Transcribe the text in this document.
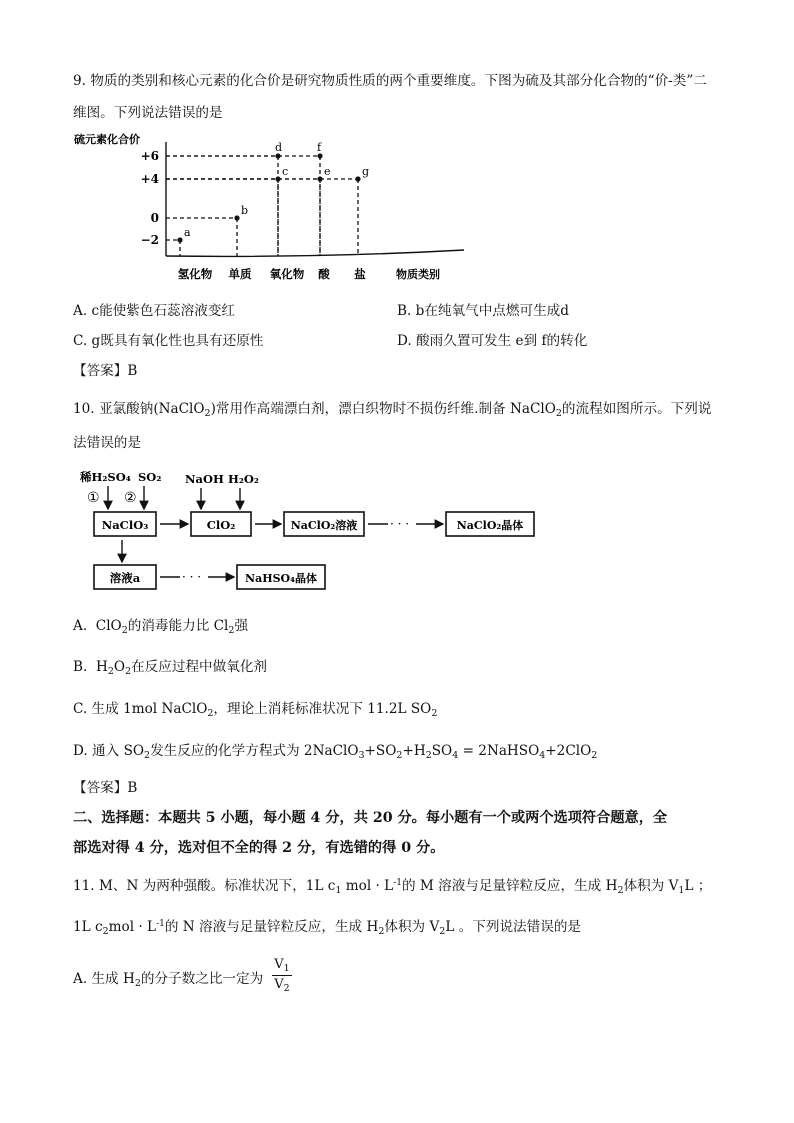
9. 物质的类别和核心元素的化合价是研究物质性质的两个重要维度。下图为硫及其部分化合物的“价-类”二
维图。下列说法错误的是
硫元素化合价
物质类别
+6
+4
0
−2
氢化物 单质 氧化物 酸 盐
a
b
c
d
e
f
g
A. c能使紫色石蕊溶液变红	B. b在纯氧气中点燃可生成d
C. g既具有氧化性也具有还原性	D. 酸雨久置可发生 e到 f的转化
【答案】B
10. 亚氯酸钠(NaClO$_2$)常用作高端漂白剂，漂白织物时不损伤纤维.制备 NaClO$_2$的流程如图所示。下列说
法错误的是
稀H₂SO₄ SO₂
① ②
NaClO₃
NaOH H₂O₂
ClO₂	NaClO₂溶液	· · ·	NaClO₂晶体
溶液a	· · ·	NaHSO₄晶体
A. ClO$_2$的消毒能力比 $Cl_2$强
B. $H_2O_2$在反应过程中做氧化剂
C. 生成 1mol NaClO$_2$，理论上消耗标准状况下 11.2L $SO_2$
D. 通入 $SO_2$发生反应的化学方程式为 $2NaClO_3+SO_2+H_2SO_4$ = 2NaHSO$_4$+2ClO$_2$
【答案】B
二、选择题：本题共 5 小题，每小题 4 分，共 20 分。每小题有一个或两个选项符合题意，全
部选对得 4 分，选对但不全的得 2 分，有选错的得 0 分。
11. M、N 为两种强酸。标准状况下，1L $c_1$ mol · $L^{-1}$的 M 溶液与足量锌粒反应，生成 $H_2$体积为 $V_1L$ ；
1L $c_2mol \cdot L^{-1}$的 N 溶液与足量锌粒反应，生成 $H_2$体积为 $V_2L$ 。下列说法错误的是
A. 生成 $H_2$的分子数之比一定为
$V_1$
$V_2$
